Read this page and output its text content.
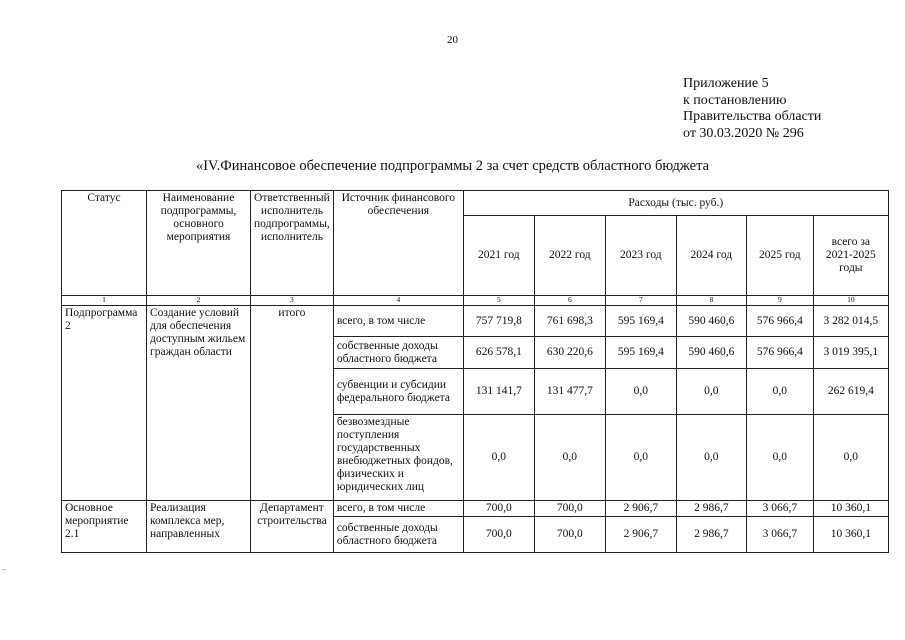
20
Приложение 5
к постановлению
Правительства области
от 30.03.2020 № 296
«IV.Финансовое обеспечение подпрограммы 2 за счет средств областного бюджета
Статус	Наименование подпрограммы, основного мероприятия	Ответственный исполнитель подпрограммы, исполнитель	Источник финансового обеспечения	Расходы (тыс. руб.)					
				2021 год	2022 год	2023 год	2024 год	2025 год	всего за 2021-2025 годы
1	2	3	4	5	6	7	8	9	10
Подпрограмма 2	Создание условий для обеспечения доступным жильем граждан области	итого	всего, в том числе	757 719,8	761 698,3	595 169,4	590 460,6	576 966,4	3 282 014,5
			собственные доходы областного бюджета	626 578,1	630 220,6	595 169,4	590 460,6	576 966,4	3 019 395,1
			субвенции и субсидии федерального бюджета	131 141,7	131 477,7	0,0	0,0	0,0	262 619,4
			безвозмездные поступления государственных внебюджетных фондов, физических и юридических лиц	0,0	0,0	0,0	0,0	0,0	0,0
Основное мероприятие 2.1	Реализация комплекса мер, направленных	Департамент строительства	всего, в том числе	700,0	700,0	2 906,7	2 986,7	3 066,7	10 360,1
			собственные доходы областного бюджета	700,0	700,0	2 906,7	2 986,7	3 066,7	10 360,1
–
